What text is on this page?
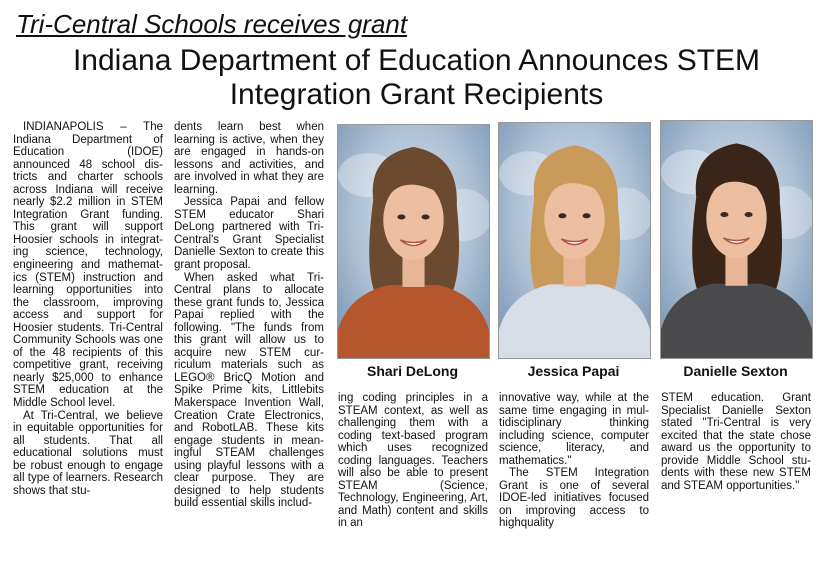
Tri-Central Schools receives grant
Indiana Department of Education Announces STEM Integration Grant Recipients

INDIANAPOLIS – The Indiana Department of Education (IDOE) announced 48 school districts and charter schools across Indiana will receive nearly $2.2 million in STEM Integration Grant funding. This grant will support Hoosier schools in integrating science, technology, engineering and mathematics (STEM) instruction and learning opportunities into the classroom, improving access and support for Hoosier students. Tri-Central Community Schools was one of the 48 recipients of this competitive grant, receiving nearly $25,000 to enhance STEM education at the Middle School level.

At Tri-Central, we believe in equitable opportunities for all students. That all educational solutions must be robust enough to engage all type of learners. Research shows that stu-

dents learn best when learning is active, when they are engaged in hands-on lessons and activities, and are involved in what they are learning.

Jessica Papai and fellow STEM educator Shari DeLong partnered with Tri-Central's Grant Specialist Danielle Sexton to create this grant proposal.

When asked what Tri-Central plans to allocate these grant funds to, Jessica Papai replied with the following. "The funds from this grant will allow us to acquire new STEM curriculum materials such as LEGO® BricQ Motion and Spike Prime kits, Littlebits Makerspace Invention Wall, Creation Crate Electronics, and RobotLAB. These kits engage students in meaningful STEAM challenges using playful lessons with a clear purpose. They are designed to help students build essential skills includ-

Shari DeLong	Jessica Papai	Danielle Sexton

ing coding principles in a STEAM context, as well as challenging them with a coding text-based program which uses recognized coding languages. Teachers will also be able to present STEAM (Science, Technology, Engineering, Art, and Math) content and skills in an

innovative way, while at the same time engaging in multidisciplinary thinking including science, computer science, literacy, and mathematics."

The STEM Integration Grant is one of several IDOE-led initiatives focused on improving access to highquality

STEM education. Grant Specialist Danielle Sexton stated "Tri-Central is very excited that the state chose award us the opportunity to provide Middle School students with these new STEM and STEAM opportunities."
